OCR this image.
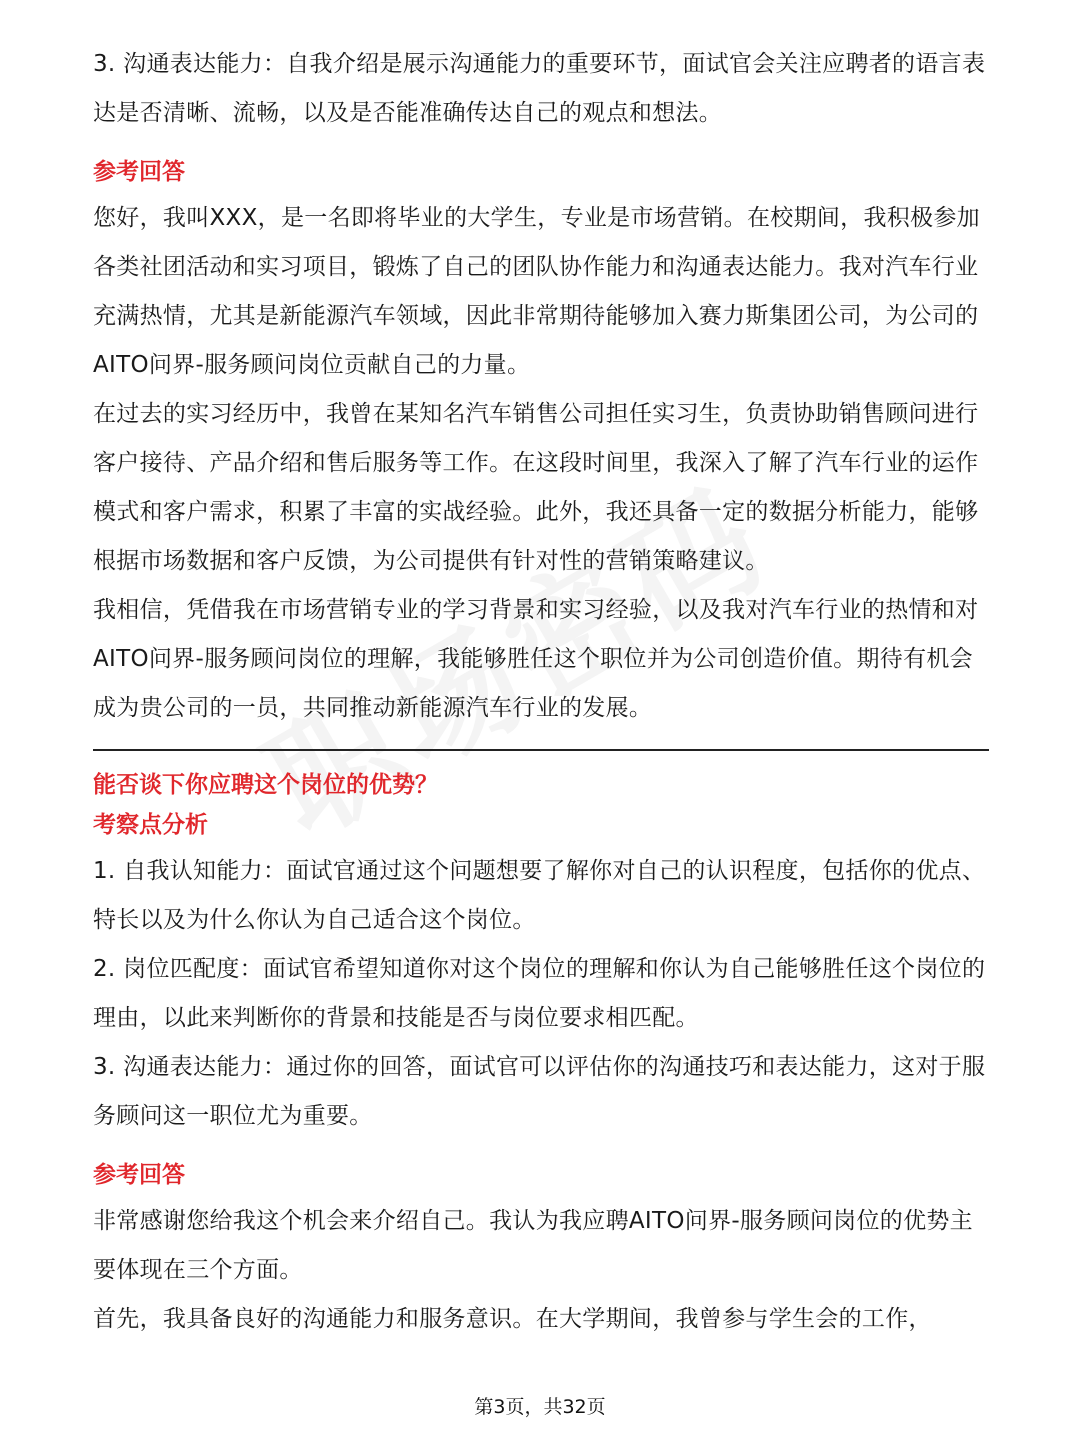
3. 沟通表达能力：自我介绍是展示沟通能力的重要环节，面试官会关注应聘者的语言表达是否清晰、流畅，以及是否能准确传达自己的观点和想法。

参考回答

您好，我叫XXX，是一名即将毕业的大学生，专业是市场营销。在校期间，我积极参加各类社团活动和实习项目，锻炼了自己的团队协作能力和沟通表达能力。我对汽车行业充满热情，尤其是新能源汽车领域，因此非常期待能够加入赛力斯集团公司，为公司的AITO问界-服务顾问岗位贡献自己的力量。

在过去的实习经历中，我曾在某知名汽车销售公司担任实习生，负责协助销售顾问进行客户接待、产品介绍和售后服务等工作。在这段时间里，我深入了解了汽车行业的运作模式和客户需求，积累了丰富的实战经验。此外，我还具备一定的数据分析能力，能够根据市场数据和客户反馈，为公司提供有针对性的营销策略建议。

我相信，凭借我在市场营销专业的学习背景和实习经验，以及我对汽车行业的热情和对AITO问界-服务顾问岗位的理解，我能够胜任这个职位并为公司创造价值。期待有机会成为贵公司的一员，共同推动新能源汽车行业的发展。

能否谈下你应聘这个岗位的优势？
考察点分析

1. 自我认知能力：面试官通过这个问题想要了解你对自己的认识程度，包括你的优点、特长以及为什么你认为自己适合这个岗位。

2. 岗位匹配度：面试官希望知道你对这个岗位的理解和你认为自己能够胜任这个岗位的理由，以此来判断你的背景和技能是否与岗位要求相匹配。

3. 沟通表达能力：通过你的回答，面试官可以评估你的沟通技巧和表达能力，这对于服务顾问这一职位尤为重要。

参考回答

非常感谢您给我这个机会来介绍自己。我认为我应聘AITO问界-服务顾问岗位的优势主要体现在三个方面。

首先，我具备良好的沟通能力和服务意识。在大学期间，我曾参与学生会的工作，

第3页，共32页
